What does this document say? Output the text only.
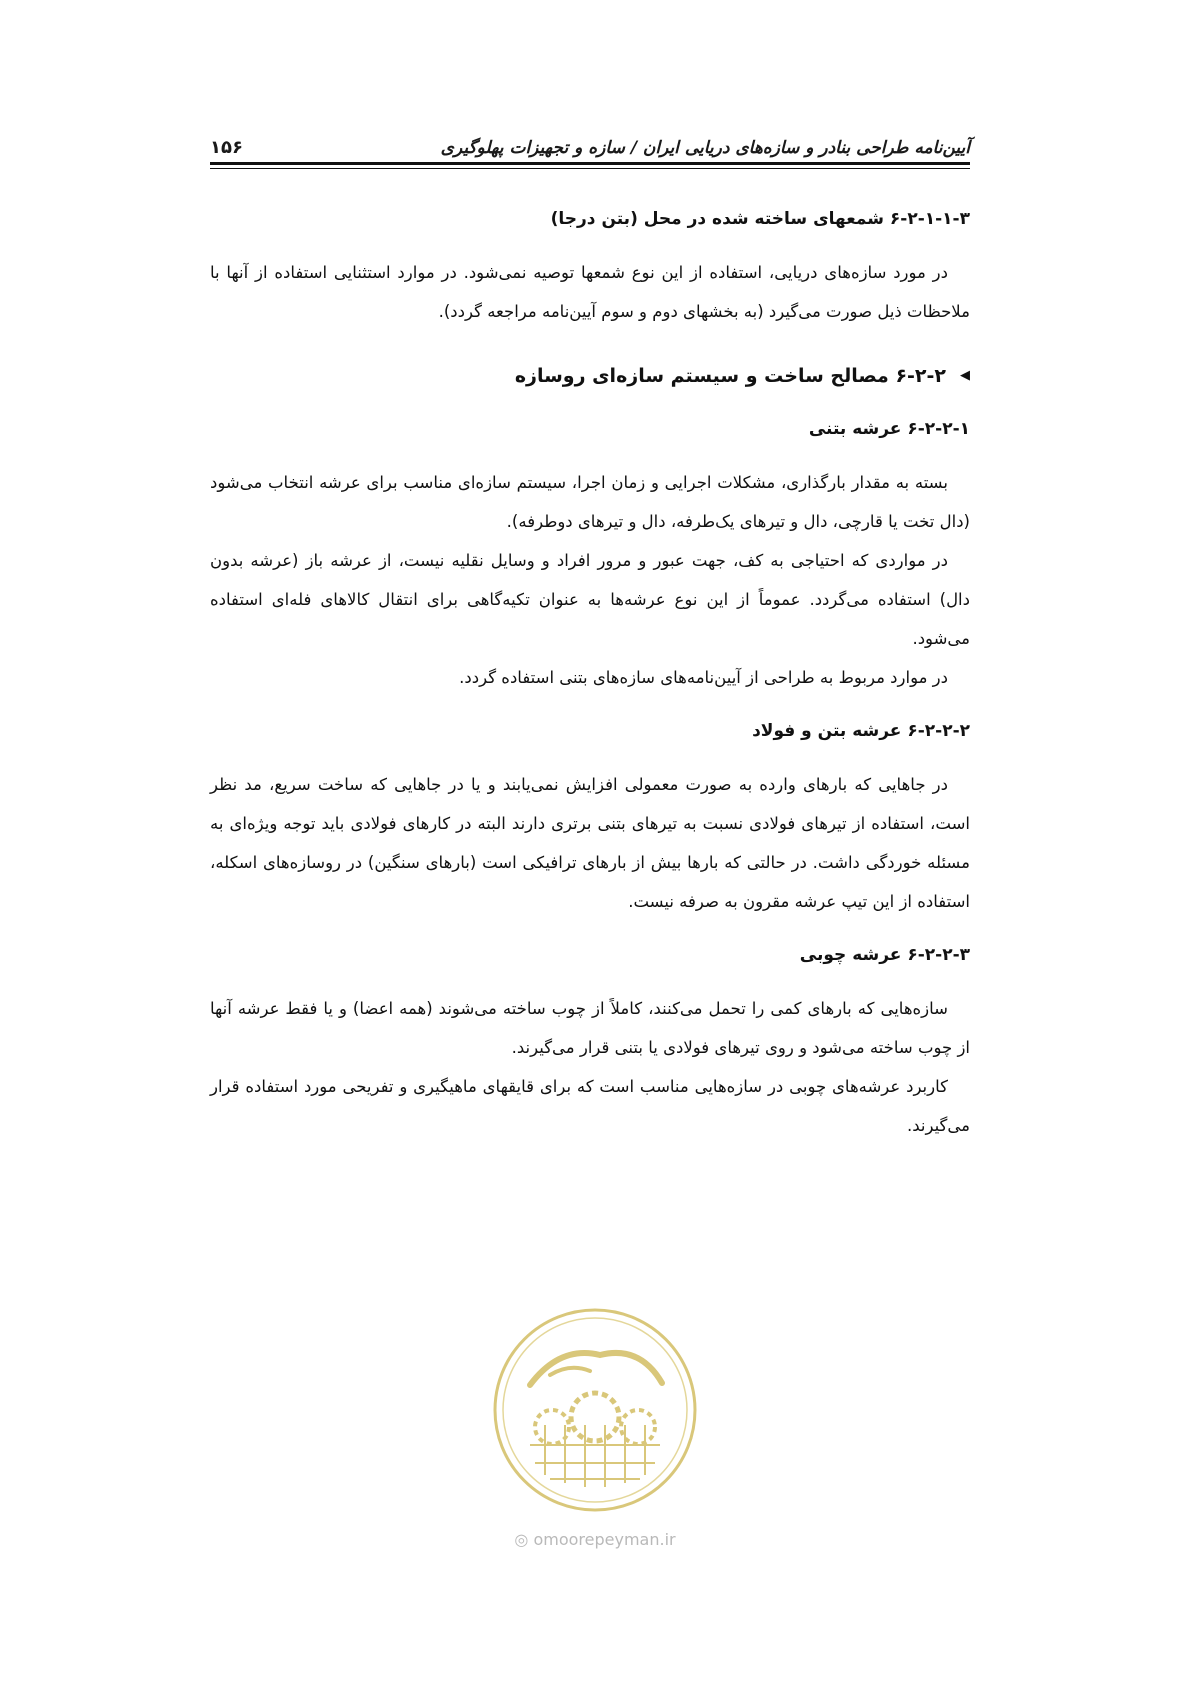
۱۵۶	آیین‌نامه طراحی بنادر و سازه‌های دریایی ایران / سازه و تجهیزات پهلوگیری
۶-۲-۱-۱-۳ شمعهای ساخته شده در محل (بتن درجا)

در مورد سازه‌های دریایی، استفاده از این نوع شمعها توصیه نمی‌شود. در موارد استثنایی استفاده از آنها با ملاحظات ذیل صورت می‌گیرد (به بخشهای دوم و سوم آیین‌نامه مراجعه گردد).

◀
۶-۲-۲ مصالح ساخت و سیستم سازه‌ای روسازه
۶-۲-۲-۱ عرشه بتنی

بسته به مقدار بارگذاری، مشکلات اجرایی و زمان اجرا، سیستم سازه‌ای مناسب برای عرشه انتخاب می‌شود (دال تخت یا قارچی، دال و تیرهای یک‌طرفه، دال و تیرهای دوطرفه).

در مواردی که احتیاجی به کف، جهت عبور و مرور افراد و وسایل نقلیه نیست، از عرشه باز (عرشه بدون دال) استفاده می‌گردد. عموماً از این نوع عرشه‌ها به عنوان تکیه‌گاهی برای انتقال کالاهای فله‌ای استفاده می‌شود.

در موارد مربوط به طراحی از آیین‌نامه‌های سازه‌های بتنی استفاده گردد.

۶-۲-۲-۲ عرشه بتن و فولاد

در جاهایی که بارهای وارده به صورت معمولی افزایش نمی‌یابند و یا در جاهایی که ساخت سریع، مد نظر است، استفاده از تیرهای فولادی نسبت به تیرهای بتنی برتری دارند البته در کارهای فولادی باید توجه ویژه‌ای به مسئله خوردگی داشت. در حالتی که بارها بیش از بارهای ترافیکی است (بارهای سنگین) در روسازه‌های اسکله، استفاده از این تیپ عرشه مقرون به صرفه نیست.

۶-۲-۲-۳ عرشه چوبی

سازه‌هایی که بارهای کمی را تحمل می‌کنند، کاملاً از چوب ساخته می‌شوند (همه اعضا) و یا فقط عرشه آنها از چوب ساخته می‌شود و روی تیرهای فولادی یا بتنی قرار می‌گیرند.

کاربرد عرشه‌های چوبی در سازه‌هایی مناسب است که برای قایقهای ماهیگیری و تفریحی مورد استفاده قرار می‌گیرند.

◎ omoorepeyman.ir
